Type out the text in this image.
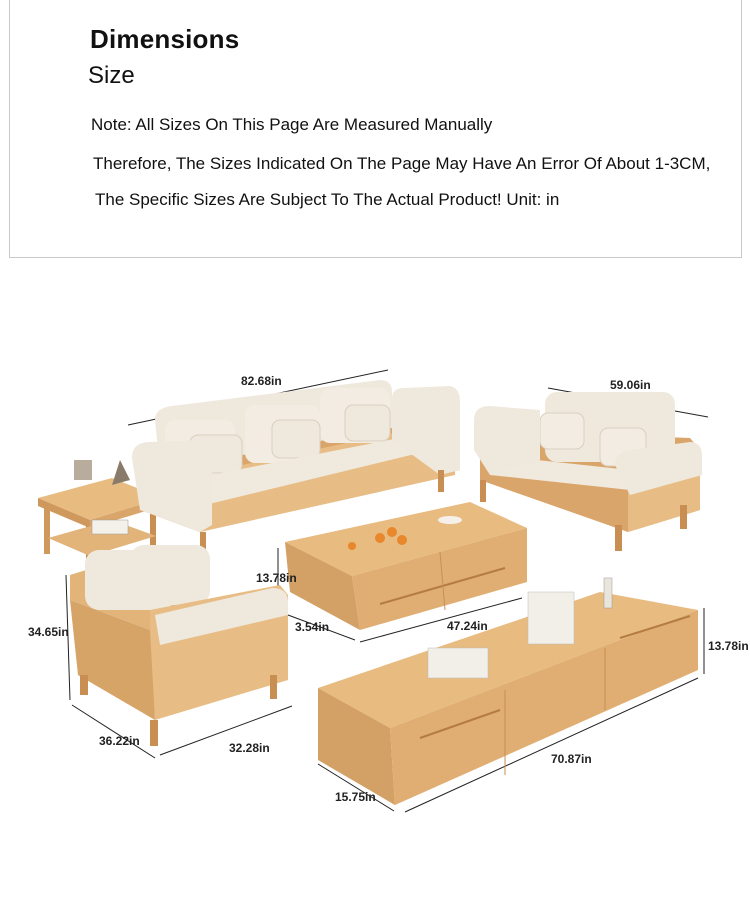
Dimensions
Size
Note: All Sizes On This Page Are Measured Manually
Therefore, The Sizes Indicated On The Page May Have An Error Of About 1-3CM,
The Specific Sizes Are Subject To The Actual Product! Unit: in
82.68in	59.06in
13.78in
3.54in	47.24in
34.65in
36.22in	32.28in
13.78in
70.87in
15.75in
